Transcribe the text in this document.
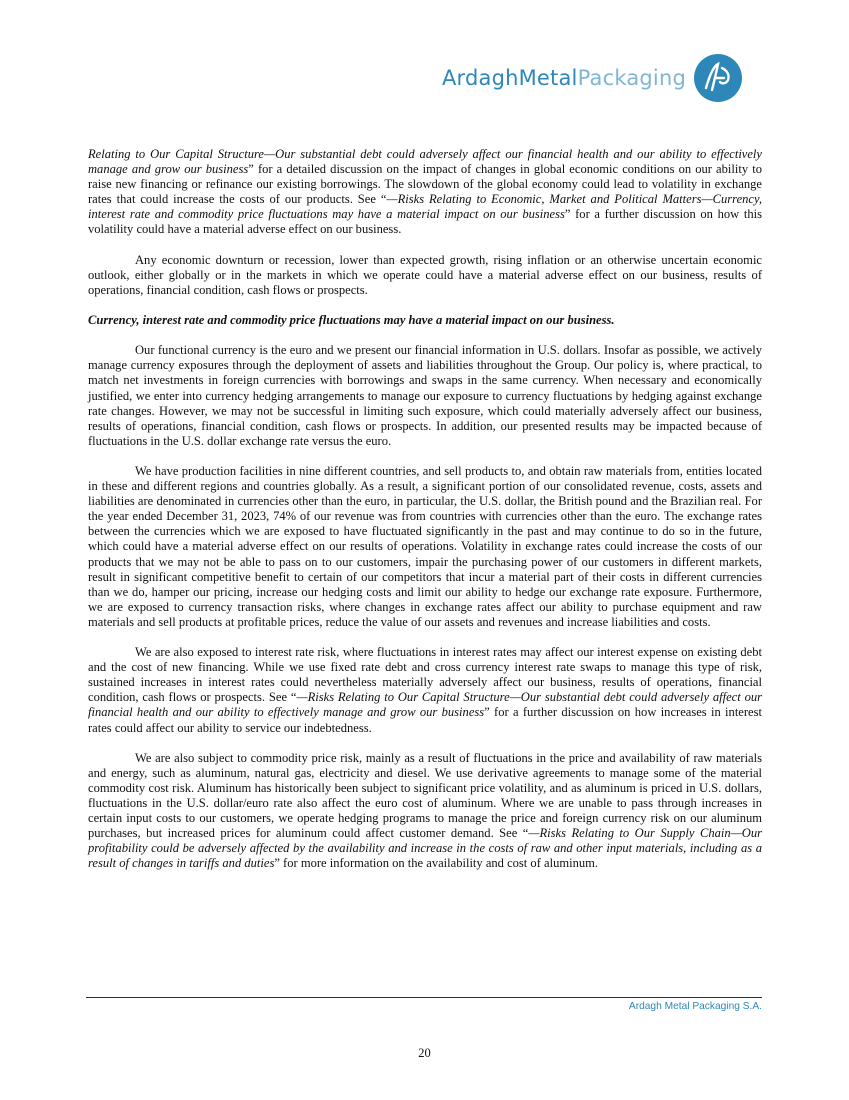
ArdaghMetalPackaging

Relating to Our Capital Structure—Our substantial debt could adversely affect our financial health and our ability to effectively manage and grow our business” for a detailed discussion on the impact of changes in global economic conditions on our ability to raise new financing or refinance our existing borrowings. The slowdown of the global economy could lead to volatility in exchange rates that could increase the costs of our products. See “—Risks Relating to Economic, Market and Political Matters—Currency, interest rate and commodity price fluctuations may have a material impact on our business” for a further discussion on how this volatility could have a material adverse effect on our business.

Any economic downturn or recession, lower than expected growth, rising inflation or an otherwise uncertain economic outlook, either globally or in the markets in which we operate could have a material adverse effect on our business, results of operations, financial condition, cash flows or prospects.

Currency, interest rate and commodity price fluctuations may have a material impact on our business.

Our functional currency is the euro and we present our financial information in U.S. dollars. Insofar as possible, we actively manage currency exposures through the deployment of assets and liabilities throughout the Group. Our policy is, where practical, to match net investments in foreign currencies with borrowings and swaps in the same currency. When necessary and economically justified, we enter into currency hedging arrangements to manage our exposure to currency fluctuations by hedging against exchange rate changes. However, we may not be successful in limiting such exposure, which could materially adversely affect our business, results of operations, financial condition, cash flows or prospects. In addition, our presented results may be impacted because of fluctuations in the U.S. dollar exchange rate versus the euro.

We have production facilities in nine different countries, and sell products to, and obtain raw materials from, entities located in these and different regions and countries globally. As a result, a significant portion of our consolidated revenue, costs, assets and liabilities are denominated in currencies other than the euro, in particular, the U.S. dollar, the British pound and the Brazilian real. For the year ended December 31, 2023, 74% of our revenue was from countries with currencies other than the euro. The exchange rates between the currencies which we are exposed to have fluctuated significantly in the past and may continue to do so in the future, which could have a material adverse effect on our results of operations. Volatility in exchange rates could increase the costs of our products that we may not be able to pass on to our customers, impair the purchasing power of our customers in different markets, result in significant competitive benefit to certain of our competitors that incur a material part of their costs in different currencies than we do, hamper our pricing, increase our hedging costs and limit our ability to hedge our exchange rate exposure. Furthermore, we are exposed to currency transaction risks, where changes in exchange rates affect our ability to purchase equipment and raw materials and sell products at profitable prices, reduce the value of our assets and revenues and increase liabilities and costs.

We are also exposed to interest rate risk, where fluctuations in interest rates may affect our interest expense on existing debt and the cost of new financing. While we use fixed rate debt and cross currency interest rate swaps to manage this type of risk, sustained increases in interest rates could nevertheless materially adversely affect our business, results of operations, financial condition, cash flows or prospects. See “—Risks Relating to Our Capital Structure—Our substantial debt could adversely affect our financial health and our ability to effectively manage and grow our business” for a further discussion on how increases in interest rates could affect our ability to service our indebtedness.

We are also subject to commodity price risk, mainly as a result of fluctuations in the price and availability of raw materials and energy, such as aluminum, natural gas, electricity and diesel. We use derivative agreements to manage some of the material commodity cost risk. Aluminum has historically been subject to significant price volatility, and as aluminum is priced in U.S. dollars, fluctuations in the U.S. dollar/euro rate also affect the euro cost of aluminum. Where we are unable to pass through increases in certain input costs to our customers, we operate hedging programs to manage the price and foreign currency risk on our aluminum purchases, but increased prices for aluminum could affect customer demand. See “—Risks Relating to Our Supply Chain—Our profitability could be adversely affected by the availability and increase in the costs of raw and other input materials, including as a result of changes in tariffs and duties” for more information on the availability and cost of aluminum.

Ardagh Metal Packaging S.A.
20
